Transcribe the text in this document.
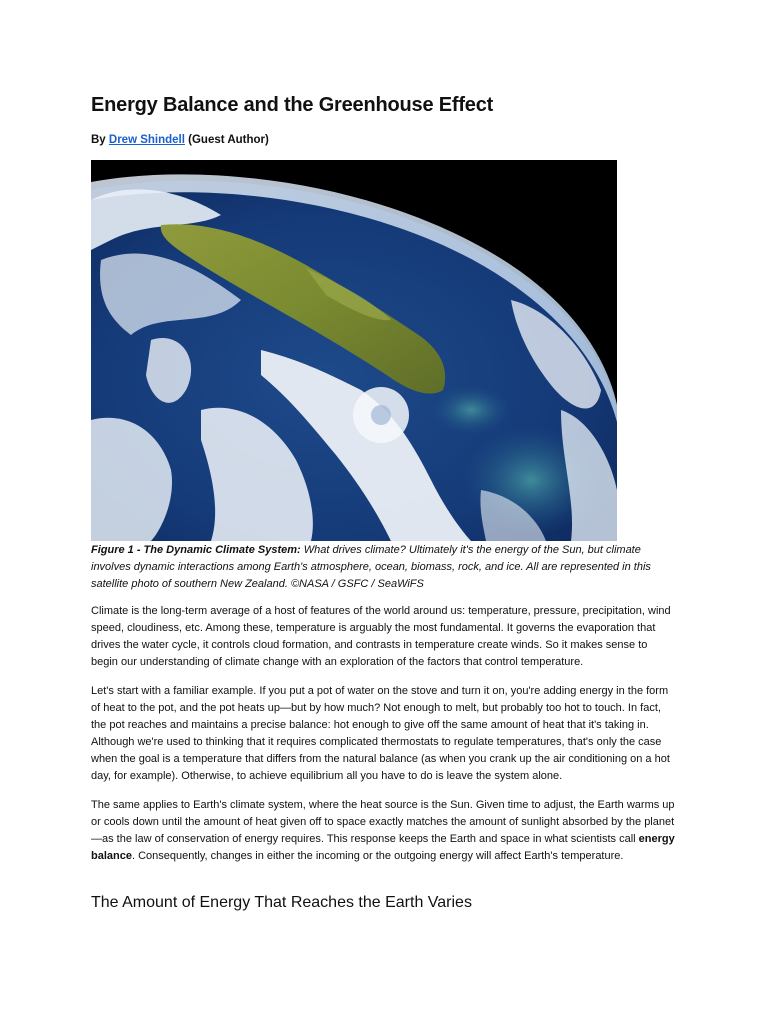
Energy Balance and the Greenhouse Effect
By Drew Shindell (Guest Author)
Figure 1 - The Dynamic Climate System: What drives climate? Ultimately it's the energy of the Sun, but climate involves dynamic interactions among Earth's atmosphere, ocean, biomass, rock, and ice. All are represented in this satellite photo of southern New Zealand. ©NASA / GSFC / SeaWiFS

Climate is the long-term average of a host of features of the world around us: temperature, pressure, precipitation, wind speed, cloudiness, etc. Among these, temperature is arguably the most fundamental. It governs the evaporation that drives the water cycle, it controls cloud formation, and contrasts in temperature create winds. So it makes sense to begin our understanding of climate change with an exploration of the factors that control temperature.

Let's start with a familiar example. If you put a pot of water on the stove and turn it on, you're adding energy in the form of heat to the pot, and the pot heats up—but by how much? Not enough to melt, but probably too hot to touch. In fact, the pot reaches and maintains a precise balance: hot enough to give off the same amount of heat that it's taking in. Although we're used to thinking that it requires complicated thermostats to regulate temperatures, that's only the case when the goal is a temperature that differs from the natural balance (as when you crank up the air conditioning on a hot day, for example). Otherwise, to achieve equilibrium all you have to do is leave the system alone.

The same applies to Earth's climate system, where the heat source is the Sun. Given time to adjust, the Earth warms up or cools down until the amount of heat given off to space exactly matches the amount of sunlight absorbed by the planet—as the law of conservation of energy requires. This response keeps the Earth and space in what scientists call energy balance. Consequently, changes in either the incoming or the outgoing energy will affect Earth's temperature.

The Amount of Energy That Reaches the Earth Varies
